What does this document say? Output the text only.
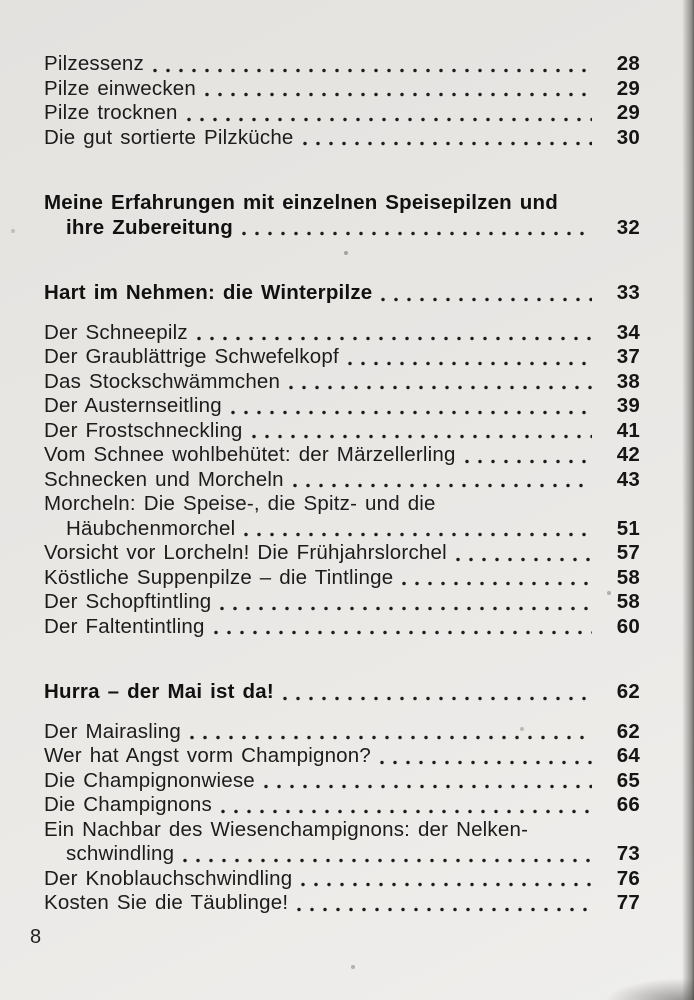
Pilzessenz	28
Pilze einwecken	29
Pilze trocknen	29
Die gut sortierte Pilzküche	30
Meine Erfahrungen mit einzelnen Speisepilzen und
ihre Zubereitung	32
Hart im Nehmen: die Winterpilze	33
Der Schneepilz	34
Der Graublättrige Schwefelkopf	37
Das Stockschwämmchen	38
Der Austernseitling	39
Der Frostschneckling	41
Vom Schnee wohlbehütet: der Märzellerling	42
Schnecken und Morcheln	43
Morcheln: Die Speise-, die Spitz- und die
Häubchenmorchel	51
Vorsicht vor Lorcheln! Die Frühjahrslorchel	57
Köstliche Suppenpilze – die Tintlinge	58
Der Schopftintling	58
Der Faltentintling	60
Hurra – der Mai ist da!	62
Der Mairasling	62
Wer hat Angst vorm Champignon?	64
Die Champignonwiese	65
Die Champignons	66
Ein Nachbar des Wiesenchampignons: der Nelken-
schwindling	73
Der Knoblauchschwindling	76
Kosten Sie die Täublinge!	77
8
